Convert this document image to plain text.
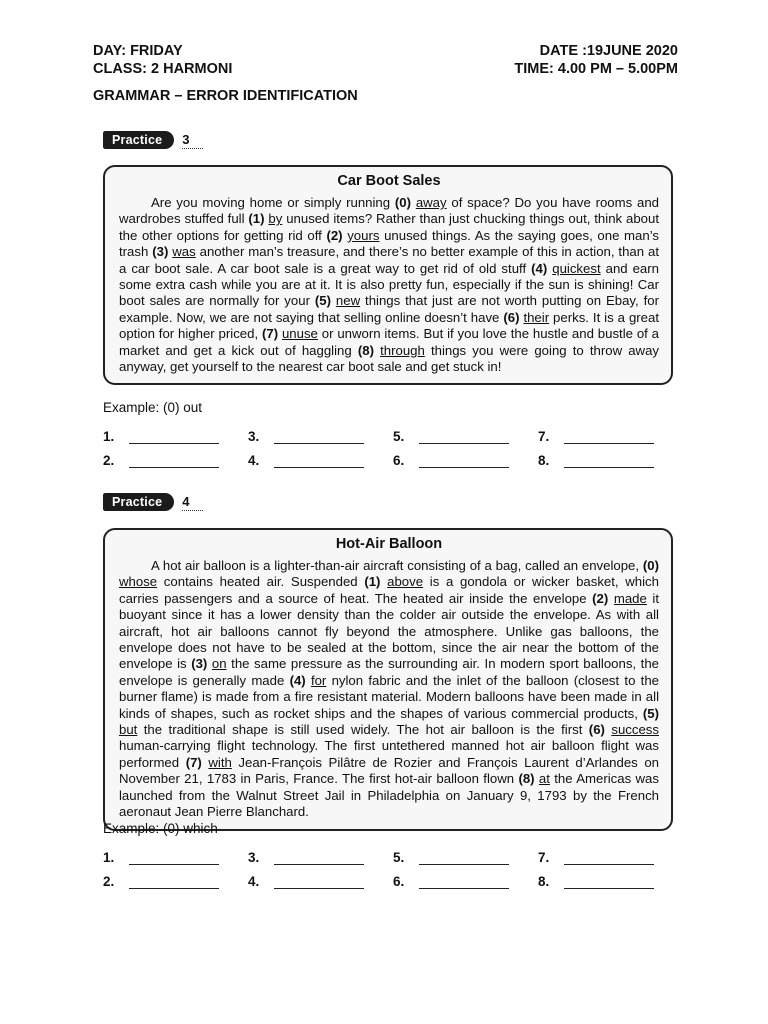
DAY: FRIDAY	DATE :19JUNE 2020
CLASS: 2 HARMONI	TIME: 4.00 PM – 5.00PM
GRAMMAR – ERROR IDENTIFICATION
Practice	3
Car Boot Sales

Are you moving home or simply running (0) away of space? Do you have rooms and wardrobes stuffed full (1) by unused items? Rather than just chucking things out, think about the other options for getting rid off (2) yours unused things. As the saying goes, one man’s trash (3) was another man’s treasure, and there’s no better example of this in action, than at a car boot sale. A car boot sale is a great way to get rid of old stuff (4) quickest and earn some extra cash while you are at it. It is also pretty fun, especially if the sun is shining! Car boot sales are normally for your (5) new things that just are not worth putting on Ebay, for example. Now, we are not saying that selling online doesn’t have (6) their perks. It is a great option for higher priced, (7) unuse or unworn items. But if you love the hustle and bustle of a market and get a kick out of haggling (8) through things you were going to throw away anyway, get yourself to the nearest car boot sale and get stuck in!

Example: (0) out
1.	3.	5.	7.
2.	4.	6.	8.
Practice	4
Hot-Air Balloon

A hot air balloon is a lighter-than-air aircraft consisting of a bag, called an envelope, (0) whose contains heated air. Suspended (1) above is a gondola or wicker basket, which carries passengers and a source of heat. The heated air inside the envelope (2) made it buoyant since it has a lower density than the colder air outside the envelope. As with all aircraft, hot air balloons cannot fly beyond the atmosphere. Unlike gas balloons, the envelope does not have to be sealed at the bottom, since the air near the bottom of the envelope is (3) on the same pressure as the surrounding air. In modern sport balloons, the envelope is generally made (4) for nylon fabric and the inlet of the balloon (closest to the burner flame) is made from a fire resistant material. Modern balloons have been made in all kinds of shapes, such as rocket ships and the shapes of various commercial products, (5) but the traditional shape is still used widely. The hot air balloon is the first (6) success human-carrying flight technology. The first untethered manned hot air balloon flight was performed (7) with Jean-François Pilâtre de Rozier and François Laurent d’Arlandes on November 21, 1783 in Paris, France. The first hot-air balloon flown (8) at the Americas was launched from the Walnut Street Jail in Philadelphia on January 9, 1793 by the French aeronaut Jean Pierre Blanchard.

Example: (0) which
1.	3.	5.	7.
2.	4.	6.	8.
